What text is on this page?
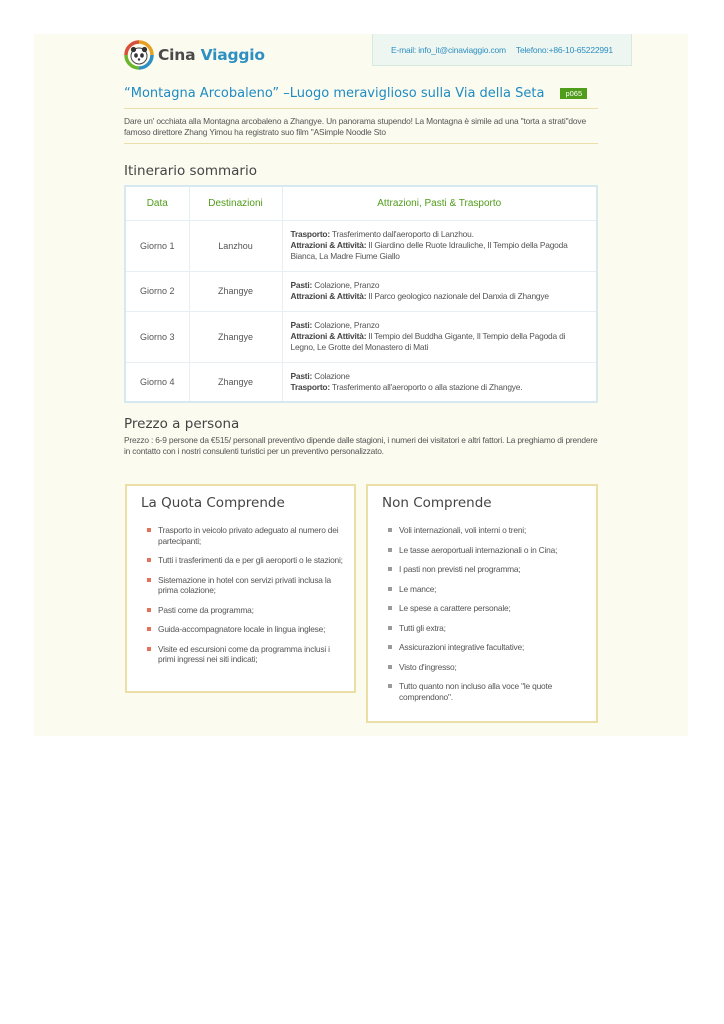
Cina Viaggio	E-mail: info_it@cinaviaggio.com Telefono:+86-10-65222991
“Montagna Arcobaleno” –Luogo meraviglioso sulla Via della Seta	p065

Dare un' occhiata alla Montagna arcobaleno a Zhangye. Un panorama stupendo! La Montagna è simile ad una "torta a strati"dove famoso direttore Zhang Yimou ha registrato suo film "ASimple Noodle Sto

Itinerario sommario
Data	Destinazioni	Attrazioni, Pasti & Trasporto
Giorno 1	Lanzhou	Trasporto: Trasferimento dall'aeroporto di Lanzhou.
Attrazioni & Attività: Il Giardino delle Ruote Idrauliche, Il Tempio della Pagoda Bianca, La Madre Fiume Giallo
Giorno 2	Zhangye	Pasti: Colazione, Pranzo
Attrazioni & Attività: Il Parco geologico nazionale del Danxia di Zhangye
Giorno 3	Zhangye	Pasti: Colazione, Pranzo
Attrazioni & Attività: Il Tempio del Buddha Gigante, Il Tempio della Pagoda di Legno, Le Grotte del Monastero di Mati
Giorno 4	Zhangye	Pasti: Colazione
Trasporto: Trasferimento all'aeroporto o alla stazione di Zhangye.
Prezzo a persona

Prezzo : 6-9 persone da €515/ personalI preventivo dipende dalle stagioni, i numeri dei visitatori e altri fattori. La preghiamo di prendere in contatto con i nostri consulenti turistici per un preventivo personalizzato.

La Quota Comprende
Trasporto in veicolo privato adeguato al numero dei partecipanti;
Tutti i trasferimenti da e per gli aeroporti o le stazioni;
Sistemazione in hotel con servizi privati inclusa la prima colazione;
Pasti come da programma;
Guida-accompagnatore locale in lingua inglese;
Visite ed escursioni come da programma inclusi i primi ingressi nei siti indicati;
Non Comprende
Voli internazionali, voli interni o treni;
Le tasse aeroportuali internazionali o in Cina;
I pasti non previsti nel programma;
Le mance;
Le spese a carattere personale;
Tutti gli extra;
Assicurazioni integrative facultative;
Visto d'ingresso;
Tutto quanto non incluso alla voce "le quote comprendono".
